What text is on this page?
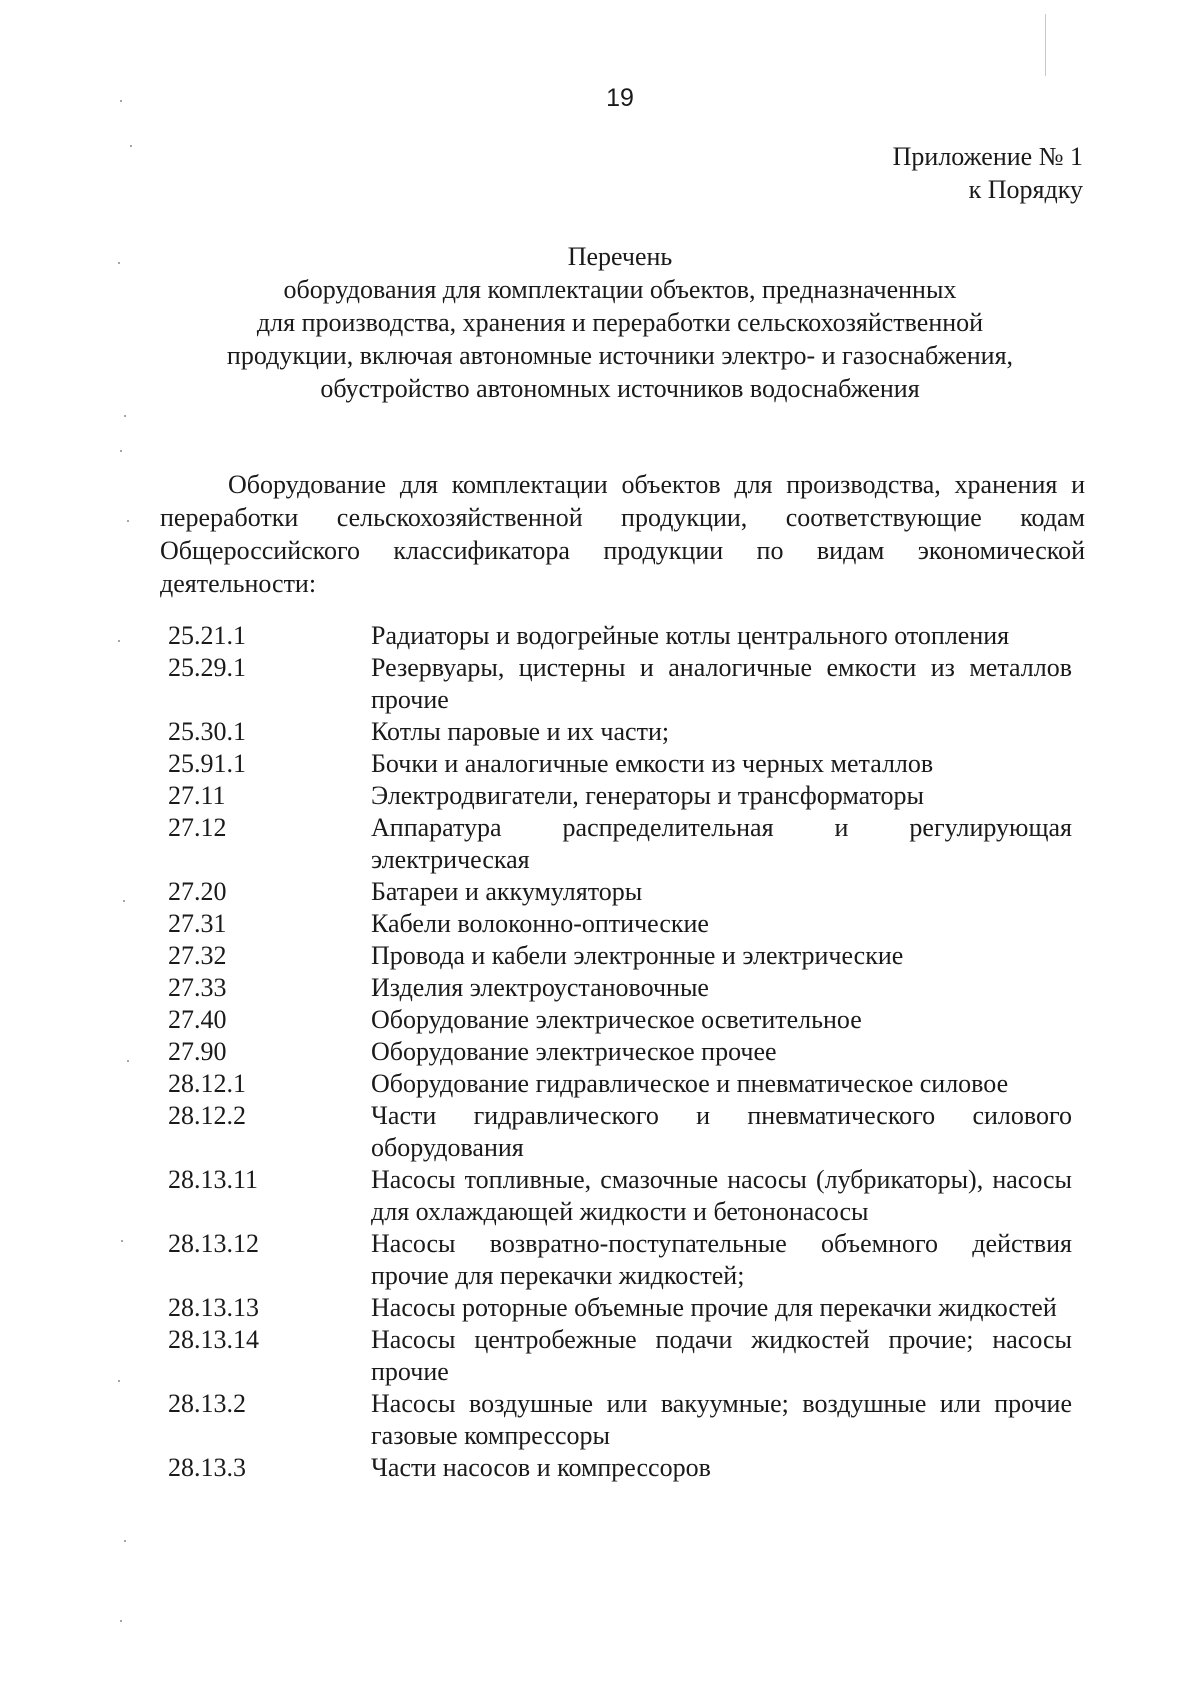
19
Приложение № 1
к Порядку
Перечень
оборудования для комплектации объектов, предназначенных
для производства, хранения и переработки сельскохозяйственной
продукции, включая автономные источники электро- и газоснабжения,
обустройство автономных источников водоснабжения
Оборудование для комплектации объектов для производства, хранения и переработки сельскохозяйственной продукции, соответствующие кодам Общероссийского классификатора продукции по видам экономической деятельности:
25.21.1	Радиаторы и водогрейные котлы центрального отопления
25.29.1	Резервуары, цистерны и аналогичные емкости из металлов прочие
25.30.1	Котлы паровые и их части;
25.91.1	Бочки и аналогичные емкости из черных металлов
27.11	Электродвигатели, генераторы и трансформаторы
27.12	Аппаратура распределительная и регулирующая электрическая
27.20	Батареи и аккумуляторы
27.31	Кабели волоконно-оптические
27.32	Провода и кабели электронные и электрические
27.33	Изделия электроустановочные
27.40	Оборудование электрическое осветительное
27.90	Оборудование электрическое прочее
28.12.1	Оборудование гидравлическое и пневматическое силовое
28.12.2	Части гидравлического и пневматического силового оборудования
28.13.11	Насосы топливные, смазочные насосы (лубрикаторы), насосы для охлаждающей жидкости и бетононасосы
28.13.12	Насосы возвратно-поступательные объемного действия прочие для перекачки жидкостей;
28.13.13	Насосы роторные объемные прочие для перекачки жидкостей
28.13.14	Насосы центробежные подачи жидкостей прочие; насосы прочие
28.13.2	Насосы воздушные или вакуумные; воздушные или прочие газовые компрессоры
28.13.3	Части насосов и компрессоров
